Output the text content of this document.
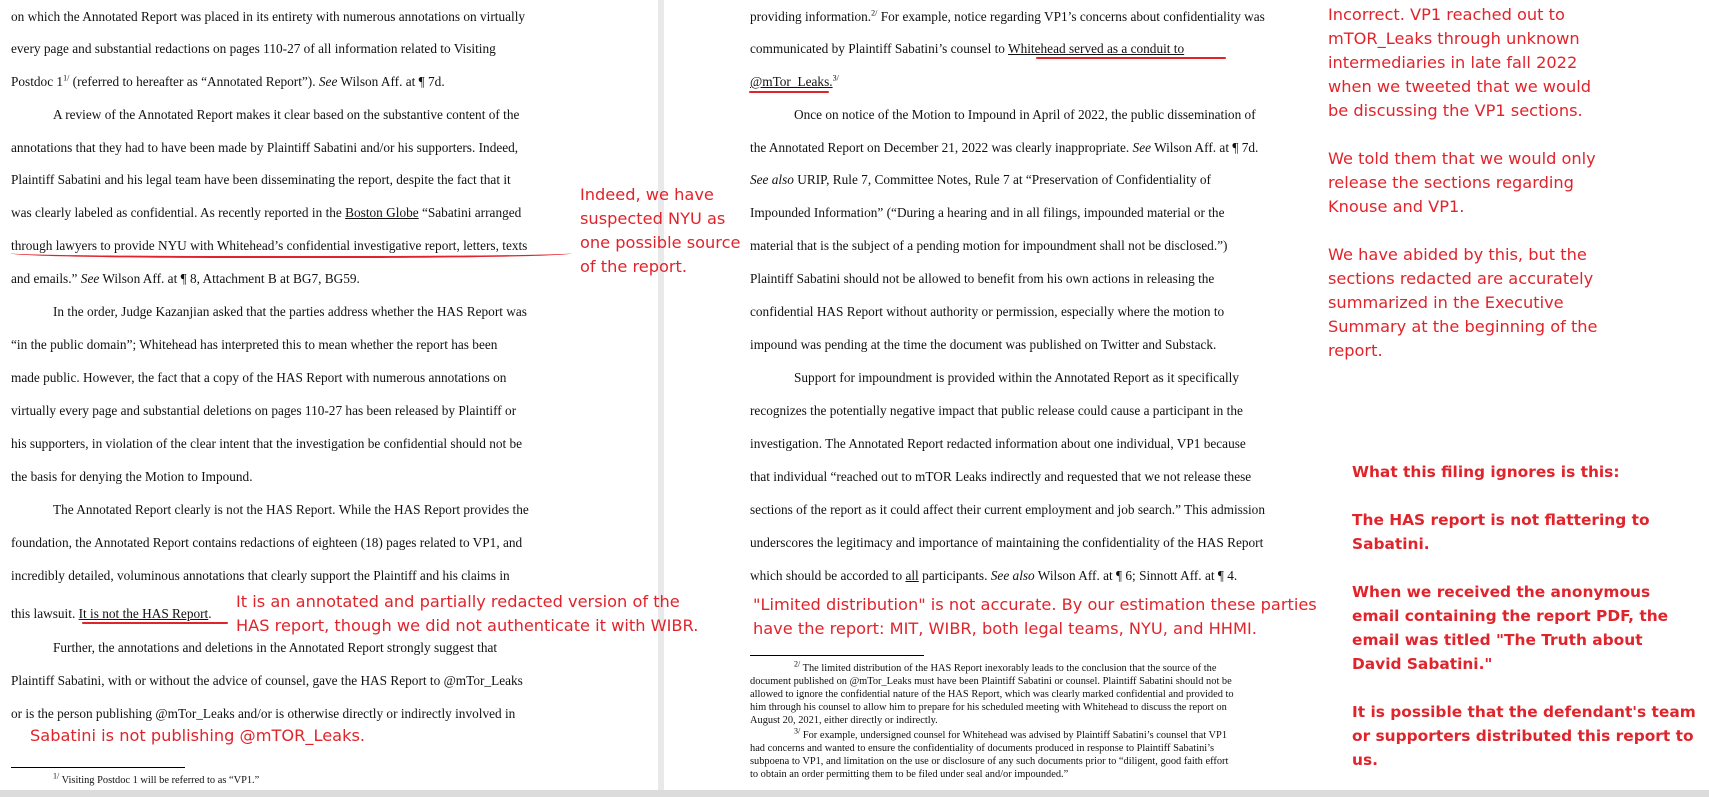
on which the Annotated Report was placed in its entirety with numerous annotations on virtually
every page and substantial redactions on pages 110-27 of all information related to Visiting
Postdoc $1^{1/}$ (referred to hereafter as “Annotated Report”). See Wilson Aff. at ¶ 7d.
A review of the Annotated Report makes it clear based on the substantive content of the
annotations that they had to have been made by Plaintiff Sabatini and/or his supporters. Indeed,
Plaintiff Sabatini and his legal team have been disseminating the report, despite the fact that it
was clearly labeled as confidential. As recently reported in the Boston Globe “Sabatini arranged
through lawyers to provide NYU with Whitehead’s confidential investigative report, letters, texts
and emails.” See Wilson Aff. at ¶ 8, Attachment B at BG7, BG59.
In the order, Judge Kazanjian asked that the parties address whether the HAS Report was
“in the public domain”; Whitehead has interpreted this to mean whether the report has been
made public. However, the fact that a copy of the HAS Report with numerous annotations on
virtually every page and substantial deletions on pages 110-27 has been released by Plaintiff or
his supporters, in violation of the clear intent that the investigation be confidential should not be
the basis for denying the Motion to Impound.
The Annotated Report clearly is not the HAS Report. While the HAS Report provides the
foundation, the Annotated Report contains redactions of eighteen (18) pages related to VP1, and
incredibly detailed, voluminous annotations that clearly support the Plaintiff and his claims in
this lawsuit. It is not the HAS Report.
Further, the annotations and deletions in the Annotated Report strongly suggest that
Plaintiff Sabatini, with or without the advice of counsel, gave the HAS Report to @mTor_Leaks
or is the person publishing @mTor_Leaks and/or is otherwise directly or indirectly involved in
$^{1/}$ Visiting Postdoc 1 will be referred to as “VP1.”
providing information.$^{2/}$ For example, notice regarding VP1’s concerns about confidentiality was
communicated by Plaintiff Sabatini’s counsel to Whitehead served as a conduit to
@mTor_Leaks.$^{3/}$
Once on notice of the Motion to Impound in April of 2022, the public dissemination of
the Annotated Report on December 21, 2022 was clearly inappropriate. See Wilson Aff. at ¶ 7d.
See also URIP, Rule 7, Committee Notes, Rule 7 at “Preservation of Confidentiality of
Impounded Information” (“During a hearing and in all filings, impounded material or the
material that is the subject of a pending motion for impoundment shall not be disclosed.”)
Plaintiff Sabatini should not be allowed to benefit from his own actions in releasing the
confidential HAS Report without authority or permission, especially where the motion to
impound was pending at the time the document was published on Twitter and Substack.
Support for impoundment is provided within the Annotated Report as it specifically
recognizes the potentially negative impact that public release could cause a participant in the
investigation. The Annotated Report redacted information about one individual, VP1 because
that individual “reached out to mTOR Leaks indirectly and requested that we not release these
sections of the report as it could affect their current employment and job search.” This admission
underscores the legitimacy and importance of maintaining the confidentiality of the HAS Report
which should be accorded to all participants. See also Wilson Aff. at ¶ 6; Sinnott Aff. at ¶ 4.
$^{2/}$ The limited distribution of the HAS Report inexorably leads to the conclusion that the source of the
document published on @mTor_Leaks must have been Plaintiff Sabatini or counsel. Plaintiff Sabatini should not be
allowed to ignore the confidential nature of the HAS Report, which was clearly marked confidential and provided to
him through his counsel to allow him to prepare for his scheduled meeting with Whitehead to discuss the report on
August 20, 2021, either directly or indirectly.
$^{3/}$ For example, undersigned counsel for Whitehead was advised by Plaintiff Sabatini’s counsel that VP1
had concerns and wanted to ensure the confidentiality of documents produced in response to Plaintiff Sabatini’s
subpoena to VP1, and limitation on the use or disclosure of any such documents prior to “diligent, good faith effort
to obtain an order permitting them to be filed under seal and/or impounded.”
Indeed, we have
suspected NYU as
one possible source
of the report.
It is an annotated and partially redacted version of the
HAS report, though we did not authenticate it with WIBR.
Sabatini is not publishing @mTOR_Leaks.
"Limited distribution" is not accurate. By our estimation these parties
have the report: MIT, WIBR, both legal teams, NYU, and HHMI.
Incorrect. VP1 reached out to
mTOR_Leaks through unknown
intermediaries in late fall 2022
when we tweeted that we would
be discussing the VP1 sections.
We told them that we would only
release the sections regarding
Knouse and VP1.
We have abided by this, but the
sections redacted are accurately
summarized in the Executive
Summary at the beginning of the
report.
What this filing ignores is this:
The HAS report is not flattering to
Sabatini.
When we received the anonymous
email containing the report PDF, the
email was titled "The Truth about
David Sabatini."
It is possible that the defendant's team
or supporters distributed this report to
us.
